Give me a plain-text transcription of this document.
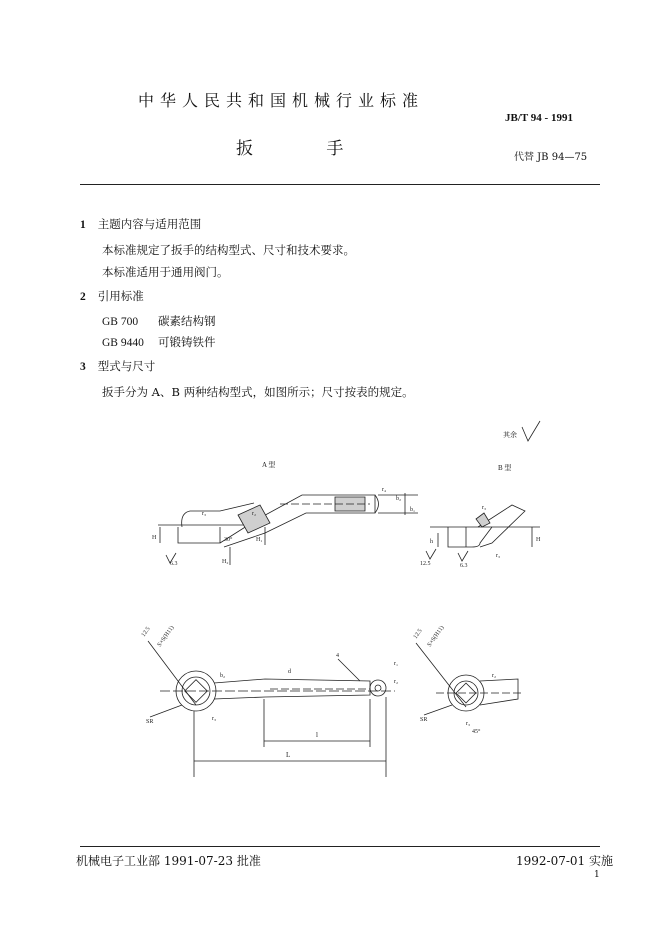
中华人民共和国机械行业标准
JB/T 94 - 1991
扳 手	代替 JB 94—75
1 主题内容与适用范围
本标准规定了扳手的结构型式、尺寸和技术要求。
本标准适用于通用阀门。
2 引用标准
GB 700 碳素结构钢
GB 9440 可锻铸铁件
3 型式与尺寸
扳手分为 A、B 两种结构型式，如图所示；尺寸按表的规定。
其余
A 型	B 型
b₂
b₁
r₄
H	H₁
H₂
30°
r₃	r₂
6.3
h	H
r₃
r₃
12.5	6.3
S×S(H11)
12.5
SR	r₃
b₂
d
4
r₁
r₂
l
L
S×S(H11)
12.5
SR
r₃
45°
r₂
机械电子工业部 1991-07-23 批准	1992-07-01 实施
1
